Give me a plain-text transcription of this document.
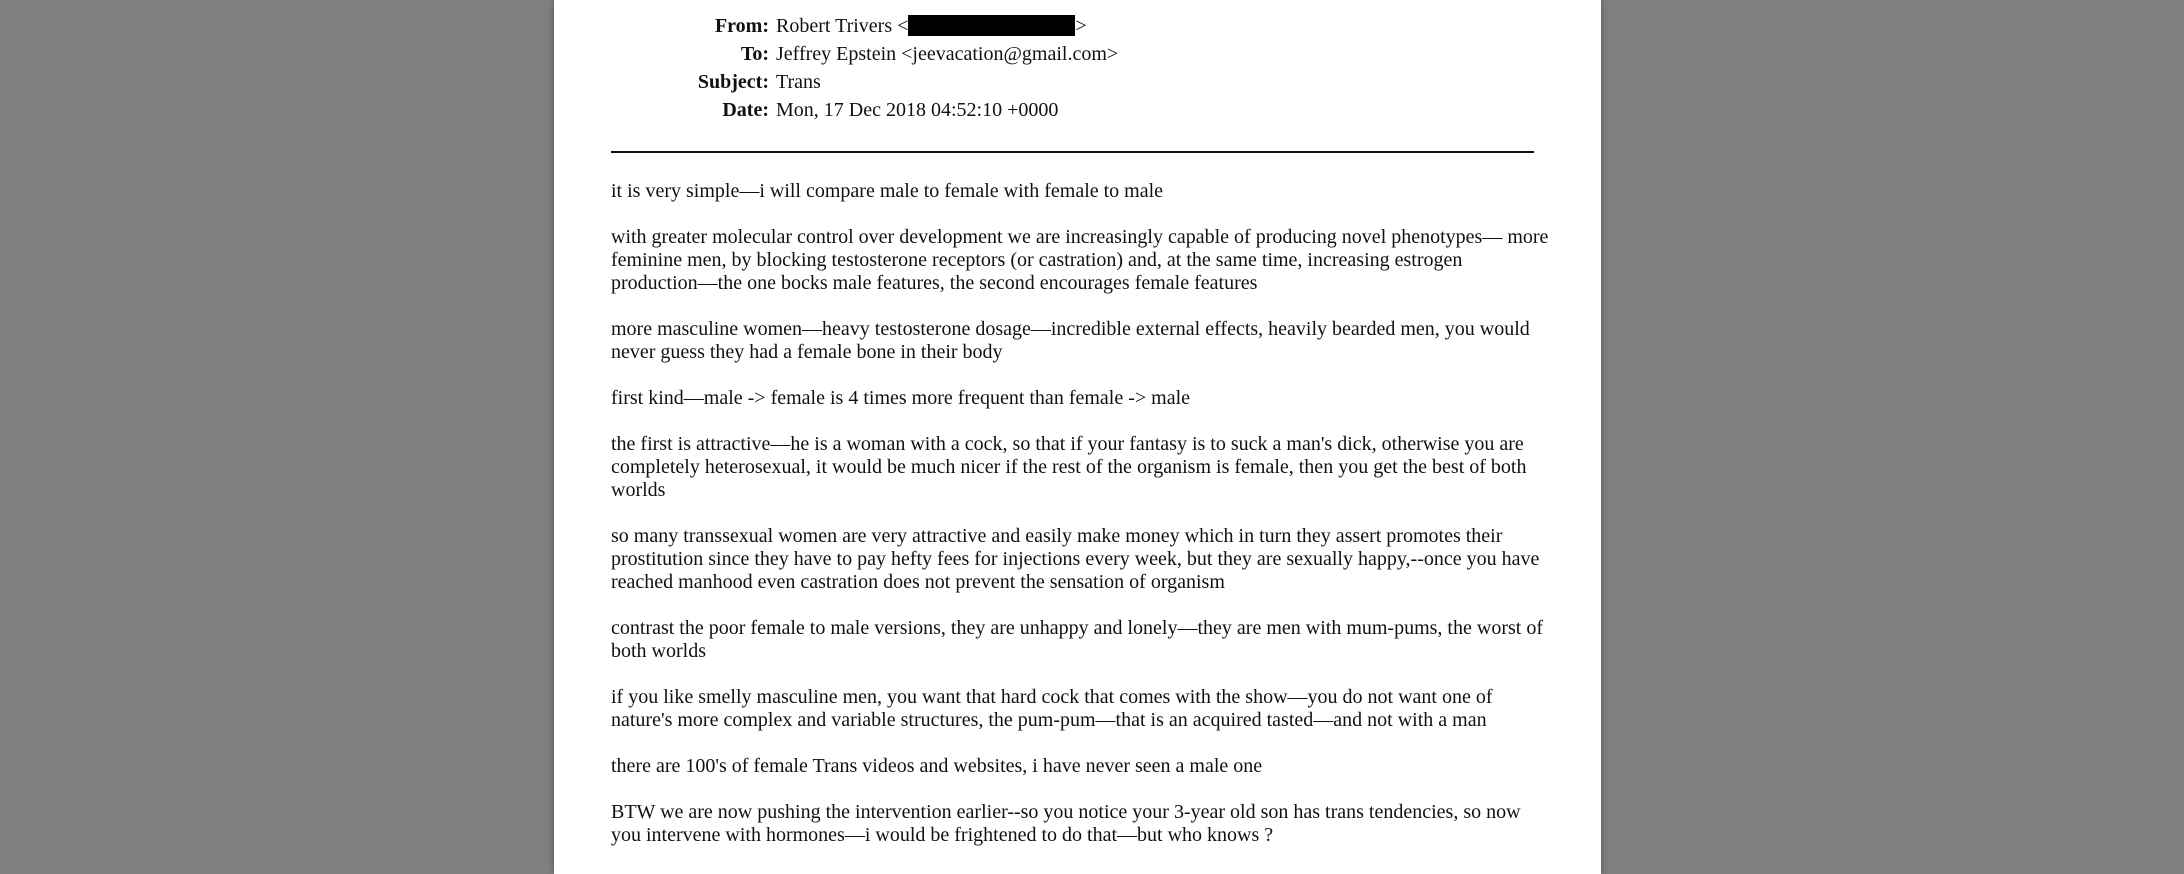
From: Robert Trivers <	>
To: Jeffrey Epstein <jeevacation@gmail.com>
Subject: Trans
Date: Mon, 17 Dec 2018 04:52:10 +0000

it is very simple—i will compare male to female with female to male

with greater molecular control over development we are increasingly capable of producing novel phenotypes— more feminine men, by blocking testosterone receptors (or castration) and, at the same time, increasing estrogen production—the one bocks male features, the second encourages female features

more masculine women—heavy testosterone dosage—incredible external effects, heavily bearded men, you would never guess they had a female bone in their body

first kind—male -> female is 4 times more frequent than female -> male

the first is attractive—he is a woman with a cock, so that if your fantasy is to suck a man's dick, otherwise you are completely heterosexual, it would be much nicer if the rest of the organism is female, then you get the best of both worlds

so many transsexual women are very attractive and easily make money which in turn they assert promotes their prostitution since they have to pay hefty fees for injections every week, but they are sexually happy,--once you have reached manhood even castration does not prevent the sensation of organism

contrast the poor female to male versions, they are unhappy and lonely—they are men with mum-pums, the worst of both worlds

if you like smelly masculine men, you want that hard cock that comes with the show—you do not want one of nature's more complex and variable structures, the pum-pum—that is an acquired tasted—and not with a man

there are 100's of female Trans videos and websites, i have never seen a male one

BTW we are now pushing the intervention earlier--so you notice your 3-year old son has trans tendencies, so now you intervene with hormones—i would be frightened to do that—but who knows ?
